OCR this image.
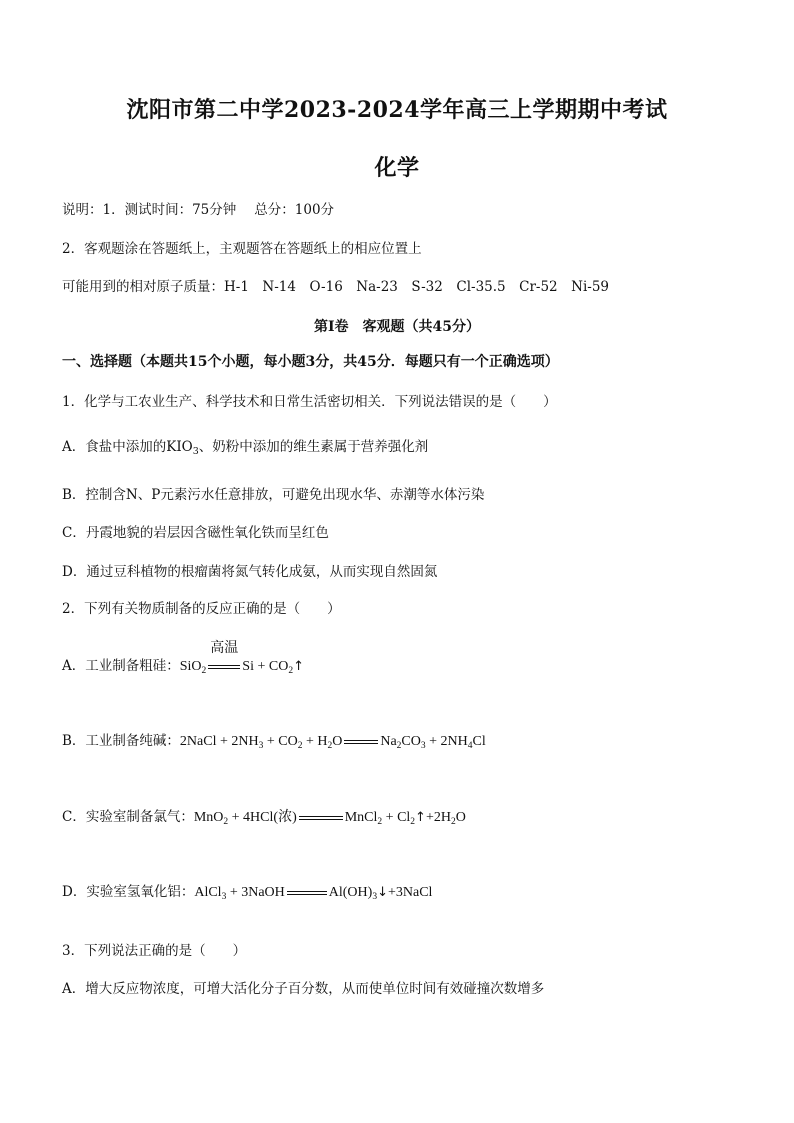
沈阳市第二中学2023-2024学年高三上学期期中考试
化学
说明：1．测试时间：75分钟 总分：100分
2．客观题涂在答题纸上，主观题答在答题纸上的相应位置上
可能用到的相对原子质量：H-1　N-14　O-16　Na-23　S-32　Cl-35.5　Cr-52　Ni-59
第Ⅰ卷　客观题（共45分）
一、选择题（本题共15个小题，每小题3分，共45分．每题只有一个正确选项）
1．化学与工农业生产、科学技术和日常生活密切相关．下列说法错误的是（　　）
A．食盐中添加的$KIO_3$、奶粉中添加的维生素属于营养强化剂
B．控制含N、P元素污水任意排放，可避免出现水华、赤潮等水体污染
C．丹霞地貌的岩层因含磁性氧化铁而呈红色
D．通过豆科植物的根瘤菌将氮气转化成氨，从而实现自然固氮
2．下列有关物质制备的反应正确的是（　　）
A．工业制备粗硅：SiO$_2$
高温
$Si + CO_2↑$
B．工业制备纯碱：2NaCl + $2NH_3 + CO_2 + H_2O$	$Na_2CO_3 + 2NH_4Cl$
C．实验室制备氯气：MnO$_2$ + 4HCl(浓)	MnCl$_2$ + $Cl_2↑+2H_2O$
D．实验室氢氧化铝：AlCl$_3$ + 3NaOH	$Al(OH)_3↓+3NaCl$
3．下列说法正确的是（　　）
A．增大反应物浓度，可增大活化分子百分数，从而使单位时间有效碰撞次数增多
